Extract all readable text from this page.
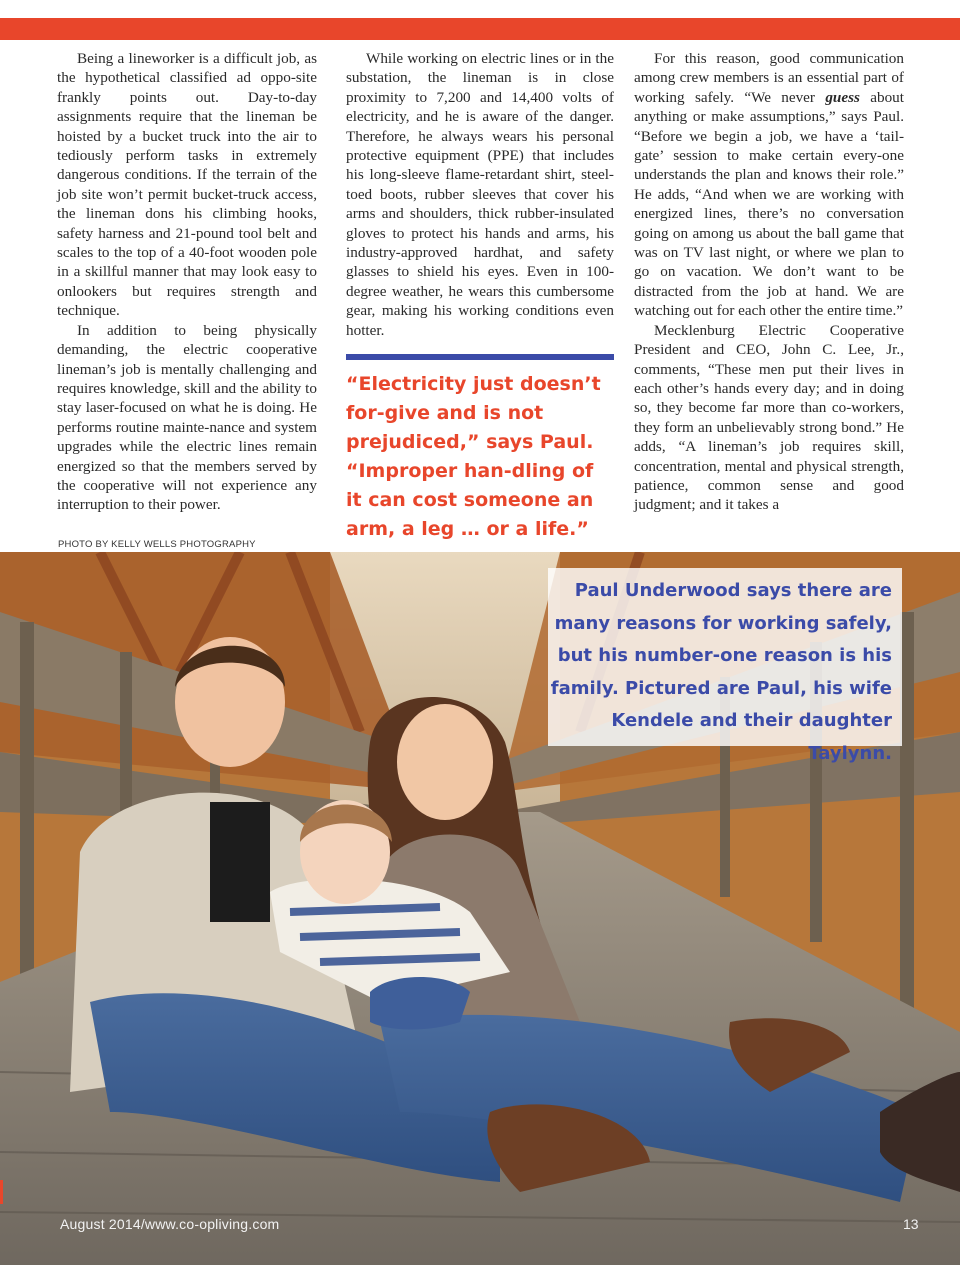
Being a lineworker is a difficult job, as the hypothetical classified ad oppo-site frankly points out. Day-to-day assignments require that the lineman be hoisted by a bucket truck into the air to tediously perform tasks in extremely dangerous conditions. If the terrain of the job site won’t permit bucket-truck access, the lineman dons his climbing hooks, safety harness and 21-pound tool belt and scales to the top of a 40-foot wooden pole in a skillful manner that may look easy to onlookers but requires strength and technique.

In addition to being physically demanding, the electric cooperative lineman’s job is mentally challenging and requires knowledge, skill and the ability to stay laser-focused on what he is doing. He performs routine mainte-nance and system upgrades while the electric lines remain energized so that the members served by the cooperative will not experience any interruption to their power.

While working on electric lines or in the substation, the lineman is in close proximity to 7,200 and 14,400 volts of electricity, and he is aware of the danger. Therefore, he always wears his personal protective equipment (PPE) that includes his long-sleeve flame-retardant shirt, steel-toed boots, rubber sleeves that cover his arms and shoulders, thick rubber-insulated gloves to protect his hands and arms, his industry-approved hardhat, and safety glasses to shield his eyes. Even in 100-degree weather, he wears this cumbersome gear, making his working conditions even hotter.

“Electricity just doesn’t for-give and is not prejudiced,” says Paul. “Improper han-dling of it can cost someone an arm, a leg … or a life.”

For this reason, good communication among crew members is an essential part of working safely. “We never guess about anything or make assumptions,” says Paul. “Before we begin a job, we have a ‘tail-gate’ session to make certain every-one understands the plan and knows their role.” He adds, “And when we are working with energized lines, there’s no conversation going on among us about the ball game that was on TV last night, or where we plan to go on vacation. We don’t want to be distracted from the job at hand. We are watching out for each other the entire time.”

Mecklenburg Electric Cooperative President and CEO, John C. Lee, Jr., comments, “These men put their lives in each other’s hands every day; and in doing so, they become far more than co-workers, they form an unbelievably strong bond.” He adds, “A lineman’s job requires skill, concentration, mental and physical strength, patience, common sense and good judgment; and it takes a

PHOTO BY KELLY WELLS PHOTOGRAPHY

Paul Underwood says there are many reasons for working safely, but his number-one reason is his family. Pictured are Paul, his wife Kendele and their daughter Taylynn.

August 2014/www.co-opliving.com	13
